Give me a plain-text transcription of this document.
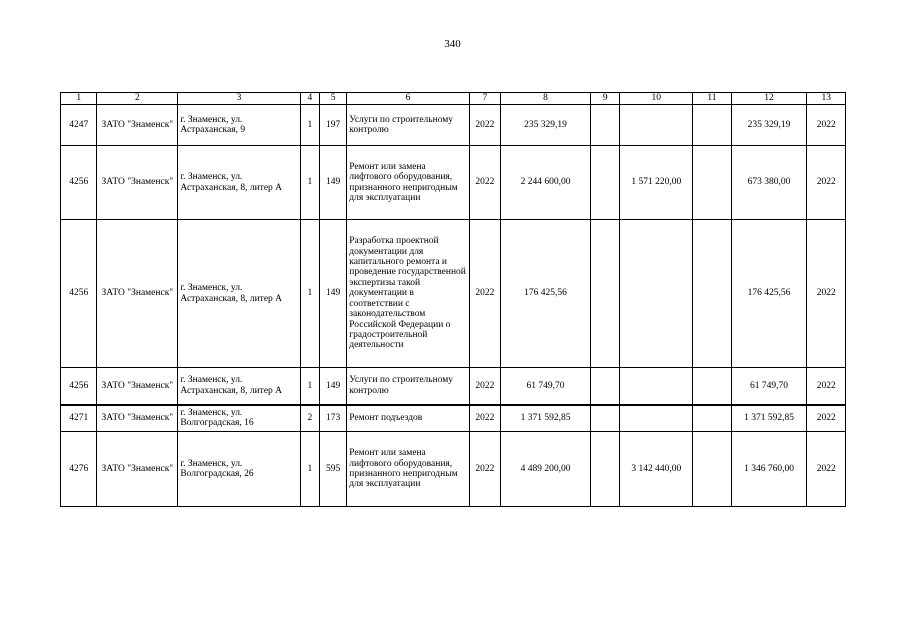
340
1	2	3	4	5	6	7	8	9	10	11	12	13
4247	ЗАТО "Знаменск"	г. Знаменск, ул. Астраханская, 9	1	197	Услуги по строительному контролю	2022	235 329,19				235 329,19	2022
4256	ЗАТО "Знаменск"	г. Знаменск, ул. Астраханская, 8, литер А	1	149	Ремонт или замена лифтового оборудования, признанного непригодным для эксплуатации	2022	2 244 600,00		1 571 220,00		673 380,00	2022
4256	ЗАТО "Знаменск"	г. Знаменск, ул. Астраханская, 8, литер А	1	149	Разработка проектной документации для капитального ремонта и проведение государственной экспертизы такой документации в соответствии с законодательством Российской Федерации о градостроительной деятельности	2022	176 425,56				176 425,56	2022
4256	ЗАТО "Знаменск"	г. Знаменск, ул. Астраханская, 8, литер А	1	149	Услуги по строительному контролю	2022	61 749,70				61 749,70	2022
4271	ЗАТО "Знаменск"	г. Знаменск, ул. Волгоградская, 16	2	173	Ремонт подъездов	2022	1 371 592,85				1 371 592,85	2022
4276	ЗАТО "Знаменск"	г. Знаменск, ул. Волгоградская, 26	1	595	Ремонт или замена лифтового оборудования, признанного непригодным для эксплуатации	2022	4 489 200,00		3 142 440,00		1 346 760,00	2022
